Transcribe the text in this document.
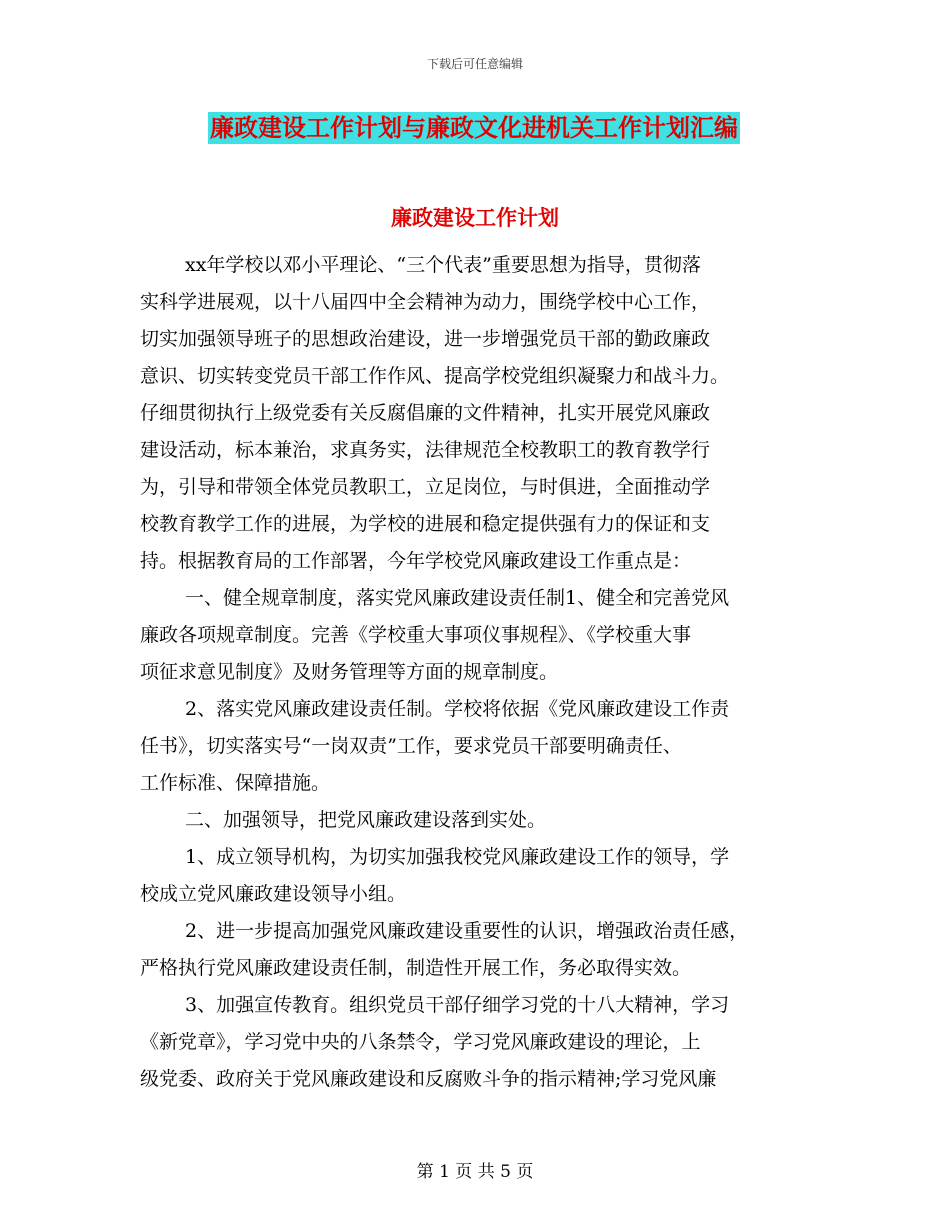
下载后可任意编辑
廉政建设工作计划与廉政文化进机关工作计划汇编
廉政建设工作计划
xx年学校以邓小平理论、“三个代表”重要思想为指导，贯彻落
实科学进展观，以十八届四中全会精神为动力，围绕学校中心工作，
切实加强领导班子的思想政治建设，进一步增强党员干部的勤政廉政
意识、切实转变党员干部工作作风、提高学校党组织凝聚力和战斗力。
仔细贯彻执行上级党委有关反腐倡廉的文件精神，扎实开展党风廉政
建设活动，标本兼治，求真务实，法律规范全校教职工的教育教学行
为，引导和带领全体党员教职工，立足岗位，与时俱进，全面推动学
校教育教学工作的进展，为学校的进展和稳定提供强有力的保证和支
持。根据教育局的工作部署，今年学校党风廉政建设工作重点是：
一、健全规章制度，落实党风廉政建设责任制1、健全和完善党风
廉政各项规章制度。完善《学校重大事项仪事规程》、《学校重大事
项征求意见制度》及财务管理等方面的规章制度。
2、落实党风廉政建设责任制。学校将依据《党风廉政建设工作责
任书》，切实落实号“一岗双责”工作，要求党员干部要明确责任、
工作标准、保障措施。
二、加强领导，把党风廉政建设落到实处。
1、成立领导机构，为切实加强我校党风廉政建设工作的领导，学
校成立党风廉政建设领导小组。
2、进一步提高加强党风廉政建设重要性的认识，增强政治责任感，
严格执行党风廉政建设责任制，制造性开展工作，务必取得实效。
3、加强宣传教育。组织党员干部仔细学习党的十八大精神，学习
《新党章》，学习党中央的八条禁令，学习党风廉政建设的理论，上
级党委、政府关于党风廉政建设和反腐败斗争的指示精神;学习党风廉
第 1 页 共 5 页
